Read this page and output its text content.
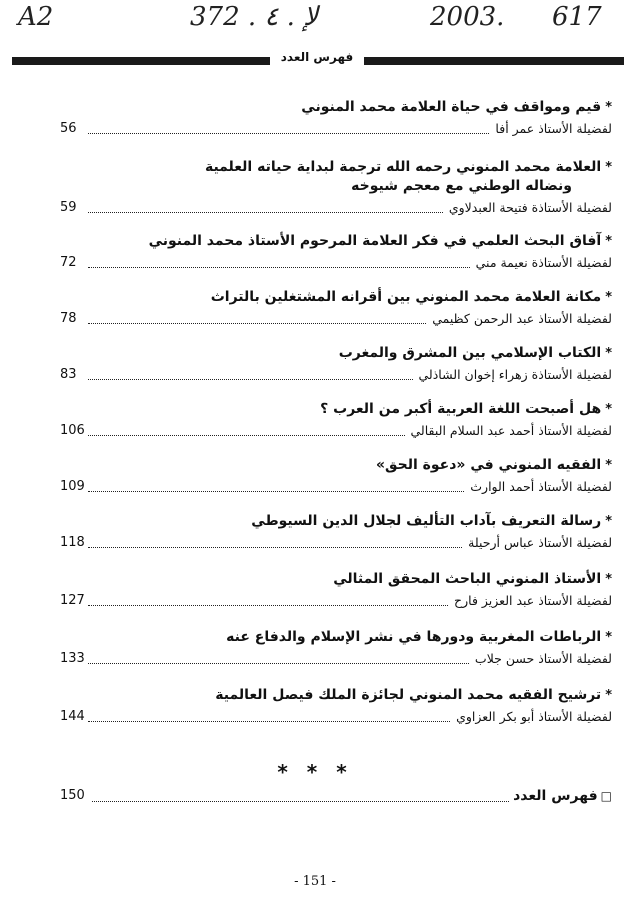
A2	372 . ﻹ . ٤	2003. 617
فهرس العدد
*قيم ومواقف في حياة العلامة محمد المنوني
56	لفضيلة الأستاذ عمر أفا
*العلامة محمد المنوني رحمه الله ترجمة لبداية حياته العلمية
ونضاله الوطني مع معجم شيوخه
59	لفضيلة الأستاذة فتيحة العبدلاوي
*آفاق البحث العلمي في فكر العلامة المرحوم الأستاذ محمد المنوني
72	لفضيلة الأستاذة نعيمة مني
*مكانة العلامة محمد المنوني بين أقرانه المشتغلين بالتراث
78	لفضيلة الأستاذ عبد الرحمن كظيمي
*الكتاب الإسلامي بين المشرق والمغرب
83	لفضيلة الأستاذة زهراء إخوان الشاذلي
*هل أصبحت اللغة العربية أكبر من العرب ؟
106	لفضيلة الأستاذ أحمد عبد السلام البقالي
*الفقيه المنوني في «دعوة الحق»
109	لفضيلة الأستاذ أحمد الوارث
*رسالة التعريف بآداب التأليف لجلال الدين السيوطي
118	لفضيلة الأستاذ عباس أرحيلة
*الأستاذ المنوني الباحث المحقق المثالي
127	لفضيلة الأستاذ عبد العزيز فارح
*الرباطات المغربية ودورها في نشر الإسلام والدفاع عنه
133	لفضيلة الأستاذ حسن جلاب
*ترشيح الفقيه محمد المنوني لجائزة الملك فيصل العالمية
144	لفضيلة الأستاذ أبو بكر العزاوي
* * *
150	□فهرس العدد
- 151 -
